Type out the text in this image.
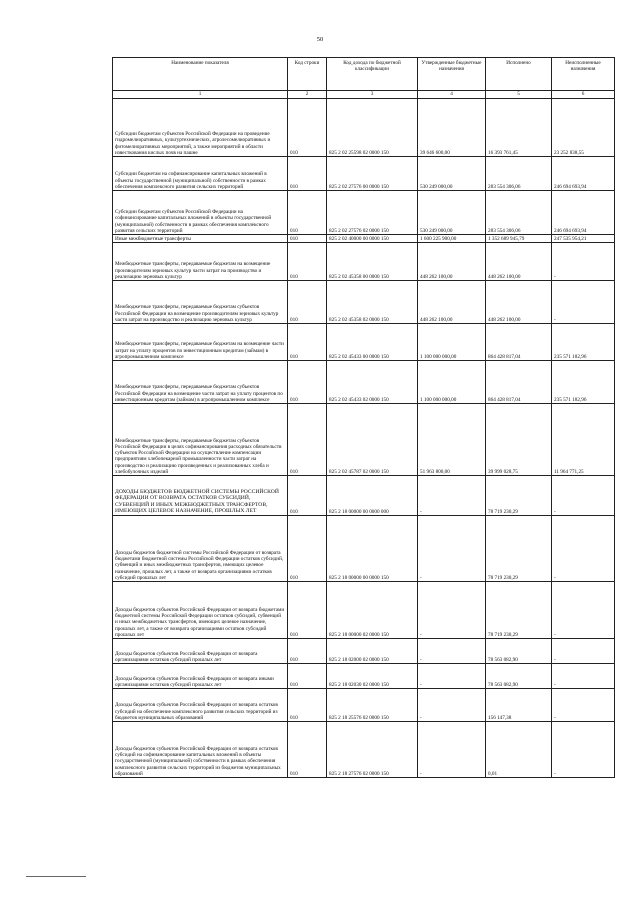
50
Наименование показателя	Код строки	Код дохода по бюджетной классификации	Утвержденные бюджетные назначения	Исполнено	Неисполненные назначения
1	2	3	4	5	6
Субсидии бюджетам субъектов Российской Федерации на проведение гидромелиоративных, культуртехнических, агролесомелиоративных и фитомелиоративных мероприятий, а также мероприятий в области известкования кислых почв на пашне	010	825 2 02 25598 02 0000 150	39 646 600,00	16 393 761,45	23 252 838,55
Субсидии бюджетам на софинансирование капитальных вложений в объекты государственной (муниципальной) собственности в рамках обеспечения комплексного развития сельских территорий	010	825 2 02 27576 00 0000 150	530 249 000,00	283 554 306,06	246 694 693,94
Субсидии бюджетам субъектов Российской Федерации на софинансирование капитальных вложений в объекты государственной (муниципальной) собственности в рамках обеспечения комплексного развития сельских территорий	010	825 2 02 27576 02 0000 150	530 249 000,00	283 554 306,06	246 694 693,94
Иные межбюджетные трансферты	010	825 2 02 40000 00 0000 150	1 600 225 900,00	1 352 689 945,79	247 535 954,21
Межбюджетные трансферты, передаваемые бюджетам на возмещение производителям зерновых культур части затрат на производство и реализацию зерновых культур	010	825 2 02 45358 00 0000 150	448 262 100,00	448 262 100,00	-
Межбюджетные трансферты, передаваемые бюджетам субъектов Российской Федерации на возмещение производителям зерновых культур части затрат на производство и реализацию зерновых культур	010	825 2 02 45358 02 0000 150	448 262 100,00	448 262 100,00	-
Межбюджетные трансферты, передаваемые бюджетам на возмещение части затрат на уплату процентов по инвестиционным кредитам (займам) в агропромышленном комплексе	010	825 2 02 45433 00 0000 150	1 100 000 000,00	864 428 817,04	235 571 182,96
Межбюджетные трансферты, передаваемые бюджетам субъектов Российской Федерации на возмещение части затрат на уплату процентов по инвестиционным кредитам (займам) в агропромышленном комплексе	010	825 2 02 45433 02 0000 150	1 100 000 000,00	864 428 817,04	235 571 182,96
Межбюджетные трансферты, передаваемые бюджетам субъектов Российской Федерации в целях софинансирования расходных обязательств субъектов Российской Федерации на осуществление компенсации предприятиям хлебопекарной промышленности части затрат на производство и реализацию произведенных и реализованных хлеба и хлебобулочных изделий	010	825 2 02 45787 02 0000 150	51 963 800,00	39 999 028,75	11 964 771,25
ДОХОДЫ БЮДЖЕТОВ БЮДЖЕТНОЙ СИСТЕМЫ РОССИЙСКОЙ ФЕДЕРАЦИИ ОТ ВОЗВРАТА ОСТАТКОВ СУБСИДИЙ, СУБВЕНЦИЙ И ИНЫХ МЕЖБЮДЖЕТНЫХ ТРАНСФЕРТОВ, ИМЕЮЩИХ ЦЕЛЕВОЕ НАЗНАЧЕНИЕ, ПРОШЛЫХ ЛЕТ	010	825 2 18 00000 00 0000 000	-	78 719 230,29	-
Доходы бюджетов бюджетной системы Российской Федерации от возврата бюджетами бюджетной системы Российской Федерации остатков субсидий, субвенций и иных межбюджетных трансфертов, имеющих целевое назначение, прошлых лет, а также от возврата организациями остатков субсидий прошлых лет	010	825 2 18 00000 00 0000 150	-	78 719 230,29	-
Доходы бюджетов субъектов Российской Федерации от возврата бюджетами бюджетной системы Российской Федерации остатков субсидий, субвенций и иных межбюджетных трансфертов, имеющих целевое назначение, прошлых лет, а также от возврата организациями остатков субсидий прошлых лет	010	825 2 18 00000 02 0000 150	-	78 719 230,29	-
Доходы бюджетов субъектов Российской Федерации от возврата организациями остатков субсидий прошлых лет	010	825 2 18 02000 02 0000 150	-	78 563 082,90	-
Доходы бюджетов субъектов Российской Федерации от возврата иными организациями остатков субсидий прошлых лет	010	825 2 18 02030 02 0000 150	-	78 563 082,90	-
Доходы бюджетов субъектов Российской Федерации от возврата остатков субсидий на обеспечение комплексного развития сельских территорий из бюджетов муниципальных образований	010	825 2 18 25576 02 0000 150	-	156 147,38	-
Доходы бюджетов субъектов Российской Федерации от возврата остатков субсидий на софинансирование капитальных вложений в объекты государственной (муниципальной) собственности в рамках обеспечения комплексного развития сельских территорий из бюджетов муниципальных образований	010	825 2 18 27576 02 0000 150	-	0,01	-
